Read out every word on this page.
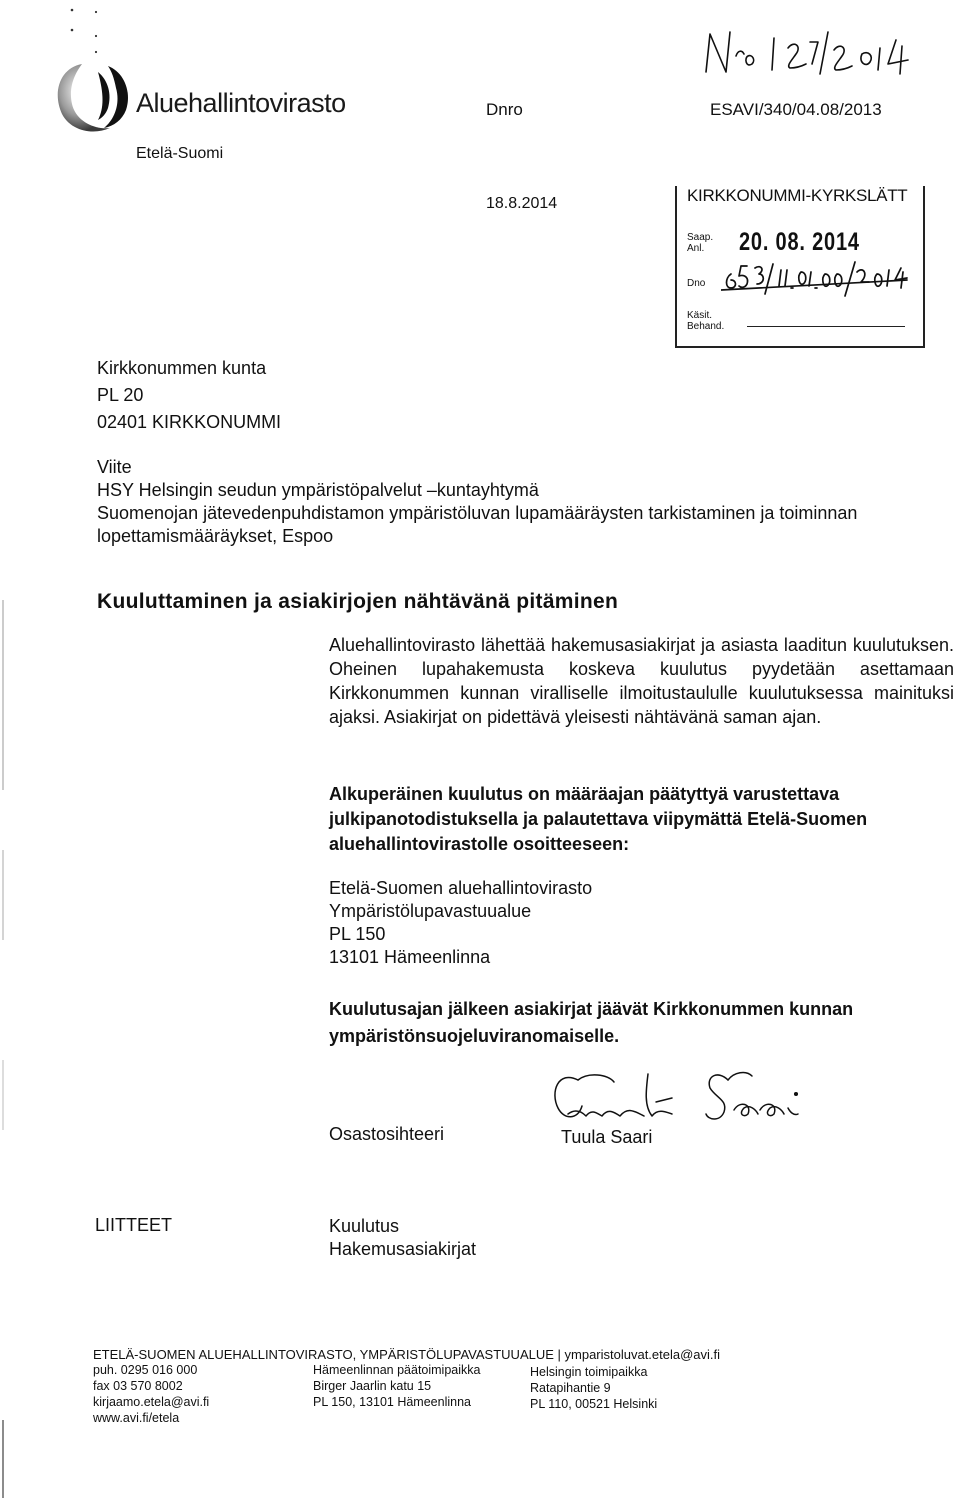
Aluehallintovirasto
Etelä-Suomi
Dnro	ESAVI/340/04.08/2013
18.8.2014	KIRKKONUMMI-KYRKSLÄTT
Saap.
Anl.	20. 08. 2014
Dno
Käsit.
Behand.
Kirkkonummen kunta
PL 20
02401 KIRKKONUMMI
Viite
HSY Helsingin seudun ympäristöpalvelut –kuntayhtymä
Suomenojan jätevedenpuhdistamon ympäristöluvan lupamääräysten tarkistaminen ja toiminnan
lopettamismääräykset, Espoo
Kuuluttaminen ja asiakirjojen nähtävänä pitäminen
Aluehallintovirasto lähettää hakemusasiakirjat ja asiasta laaditun kuulutuksen. Oheinen lupahakemusta koskeva kuulutus pyydetään asettamaan Kirkkonummen kunnan viralliselle ilmoitustaululle kuulutuksessa mainituksi ajaksi. Asiakirjat on pidettävä yleisesti nähtävänä saman ajan.
Alkuperäinen kuulutus on määräajan päätyttyä varustettava julkipanotodistuksella ja palautettava viipymättä Etelä-Suomen aluehallintovirastolle osoitteeseen:
Etelä-Suomen aluehallintovirasto
Ympäristölupavastuualue
PL 150
13101 Hämeenlinna
Kuulutusajan jälkeen asiakirjat jäävät Kirkkonummen kunnan ympäristönsuojeluviranomaiselle.
Osastosihteeri	Tuula Saari
LIITTEET	Kuulutus
Hakemusasiakirjat
ETELÄ-SUOMEN ALUEHALLINTOVIRASTO, YMPÄRISTÖLUPAVASTUUALUE | ymparistoluvat.etela@avi.fi
puh. 0295 016 000
fax 03 570 8002
kirjaamo.etela@avi.fi
www.avi.fi/etela
Hämeenlinnan päätoimipaikka
Birger Jaarlin katu 15
PL 150, 13101 Hämeenlinna
Helsingin toimipaikka
Ratapihantie 9
PL 110, 00521 Helsinki
